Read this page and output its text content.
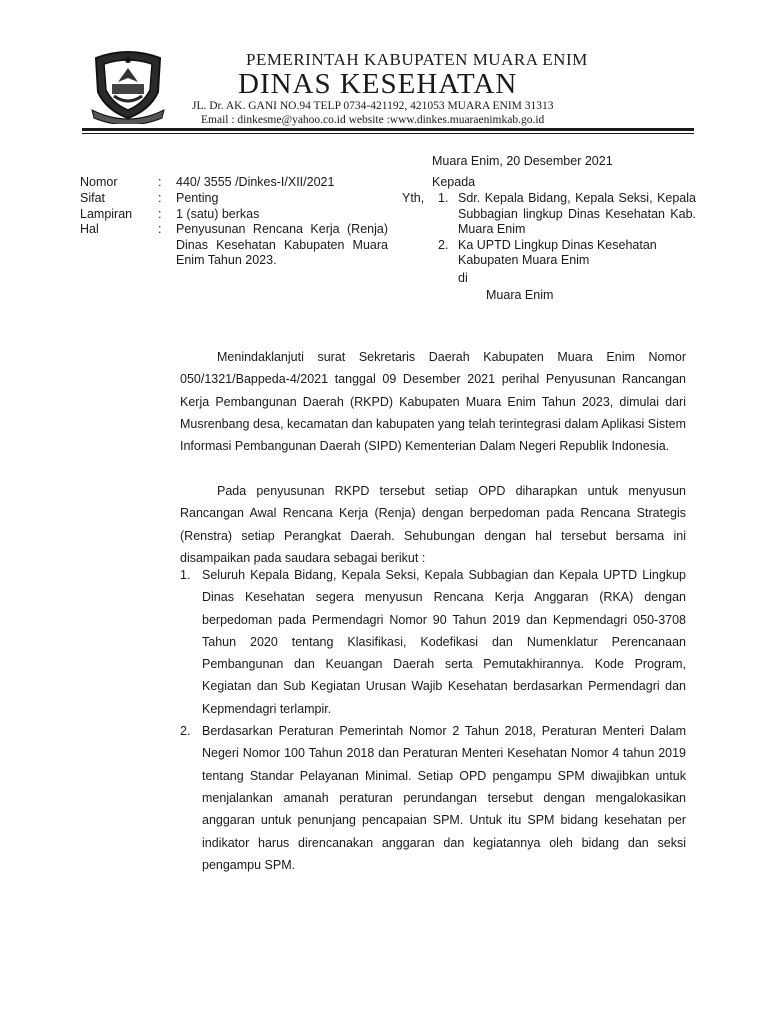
PEMERINTAH KABUPATEN MUARA ENIM
DINAS KESEHATAN
JL. Dr. AK. GANI NO.94 TELP 0734-421192, 421053 MUARA ENIM 31313
Email : dinkesme@yahoo.co.id website :www.dinkes.muaraenimkab.go.id
Nomor	: 440/ 3555 /Dinkes-I/XII/2021
Sifat	: Penting
Lampiran : 1 (satu) berkas
Hal	: Penyusunan Rencana Kerja (Renja) Dinas Kesehatan Kabupaten Muara Enim Tahun 2023.
Muara Enim, 20 Desember 2021
Kepada
Yth, 1. Sdr. Kepala Bidang, Kepala Seksi, Kepala Subbagian lingkup Dinas Kesehatan Kab. Muara Enim
2. Ka UPTD Lingkup Dinas Kesehatan Kabupaten Muara Enim
di
Muara Enim
Menindaklanjuti surat Sekretaris Daerah Kabupaten Muara Enim Nomor 050/1321/Bappeda-4/2021 tanggal 09 Desember 2021 perihal Penyusunan Rancangan Kerja Pembangunan Daerah (RKPD) Kabupaten Muara Enim Tahun 2023, dimulai dari Musrenbang desa, kecamatan dan kabupaten yang telah terintegrasi dalam Aplikasi Sistem Informasi Pembangunan Daerah (SIPD) Kementerian Dalam Negeri Republik Indonesia.
Pada penyusunan RKPD tersebut setiap OPD diharapkan untuk menyusun Rancangan Awal Rencana Kerja (Renja) dengan berpedoman pada Rencana Strategis (Renstra) setiap Perangkat Daerah. Sehubungan dengan hal tersebut bersama ini disampaikan pada saudara sebagai berikut :
1. Seluruh Kepala Bidang, Kepala Seksi, Kepala Subbagian dan Kepala UPTD Lingkup Dinas Kesehatan segera menyusun Rencana Kerja Anggaran (RKA) dengan berpedoman pada Permendagri Nomor 90 Tahun 2019 dan Kepmendagri 050-3708 Tahun 2020 tentang Klasifikasi, Kodefikasi dan Numenklatur Perencanaan Pembangunan dan Keuangan Daerah serta Pemutakhirannya. Kode Program, Kegiatan dan Sub Kegiatan Urusan Wajib Kesehatan berdasarkan Permendagri dan Kepmendagri terlampir.
2. Berdasarkan Peraturan Pemerintah Nomor 2 Tahun 2018, Peraturan Menteri Dalam Negeri Nomor 100 Tahun 2018 dan Peraturan Menteri Kesehatan Nomor 4 tahun 2019 tentang Standar Pelayanan Minimal. Setiap OPD pengampu SPM diwajibkan untuk menjalankan amanah peraturan perundangan tersebut dengan mengalokasikan anggaran untuk penunjang pencapaian SPM. Untuk itu SPM bidang kesehatan per indikator harus direncanakan anggaran dan kegiatannya oleh bidang dan seksi pengampu SPM.
